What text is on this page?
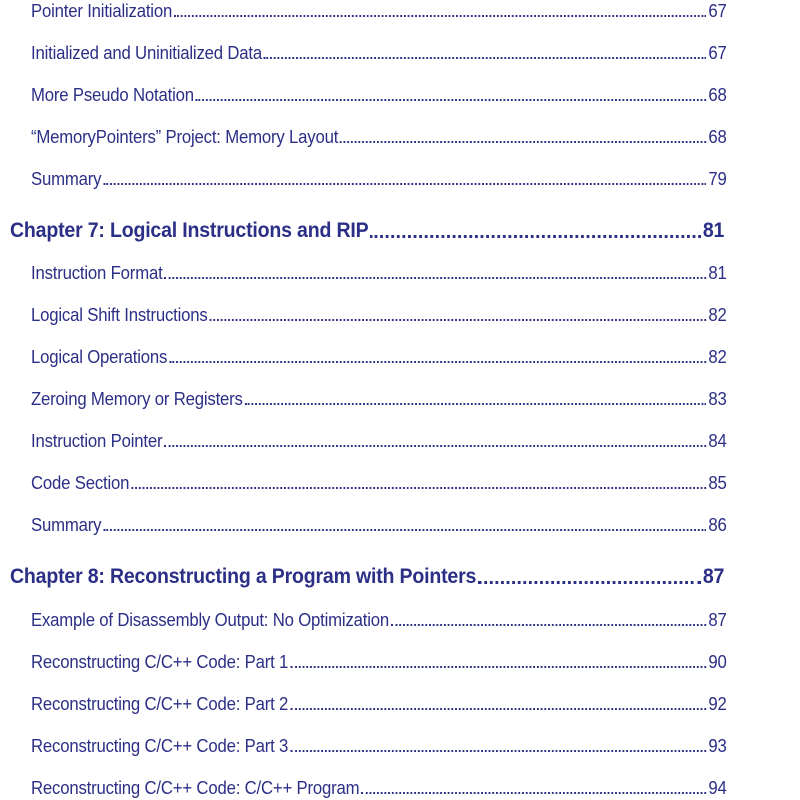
Pointer Initialization	67
Initialized and Uninitialized Data	67
More Pseudo Notation	68
“MemoryPointers” Project: Memory Layout	68
Summary	79
Chapter 7: Logical Instructions and RIP	81
Instruction Format	81
Logical Shift Instructions	82
Logical Operations	82
Zeroing Memory or Registers	83
Instruction Pointer	84
Code Section	85
Summary	86
Chapter 8: Reconstructing a Program with Pointers	87
Example of Disassembly Output: No Optimization	87
Reconstructing C/C++ Code: Part 1	90
Reconstructing C/C++ Code: Part 2	92
Reconstructing C/C++ Code: Part 3	93
Reconstructing C/C++ Code: C/C++ Program	94
